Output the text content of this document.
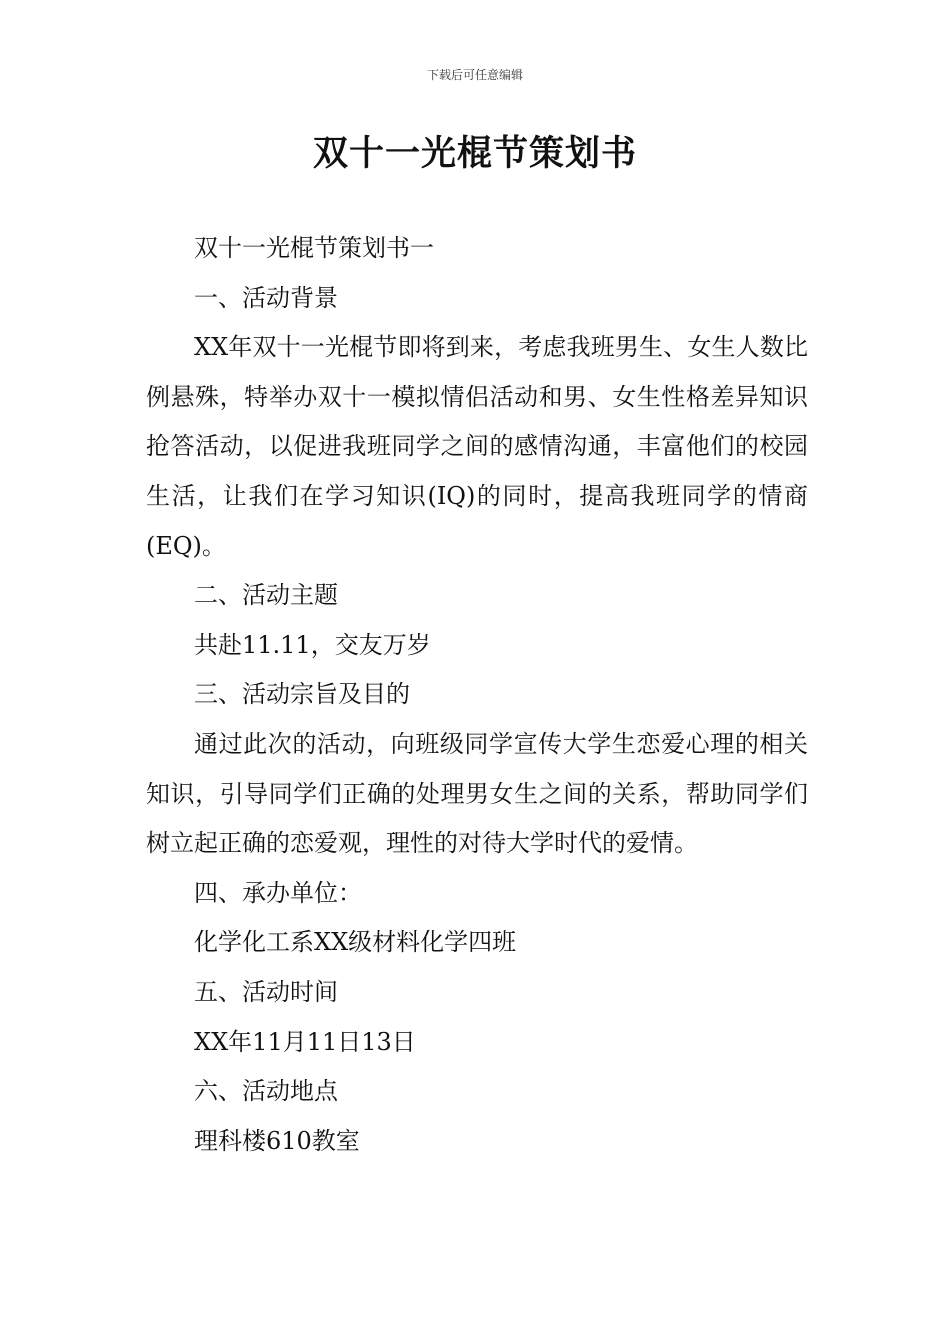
下载后可任意编辑
双十一光棍节策划书

双十一光棍节策划书一

一、活动背景

XX年双十一光棍节即将到来，考虑我班男生、女生人数比例悬殊，特举办双十一模拟情侣活动和男、女生性格差异知识抢答活动，以促进我班同学之间的感情沟通，丰富他们的校园生活，让我们在学习知识(IQ)的同时，提高我班同学的情商(EQ)。

二、活动主题

共赴11.11，交友万岁

三、活动宗旨及目的

通过此次的活动，向班级同学宣传大学生恋爱心理的相关知识，引导同学们正确的处理男女生之间的关系，帮助同学们树立起正确的恋爱观，理性的对待大学时代的爱情。

四、承办单位：

化学化工系XX级材料化学四班

五、活动时间

XX年11月11日13日

六、活动地点

理科楼610教室
